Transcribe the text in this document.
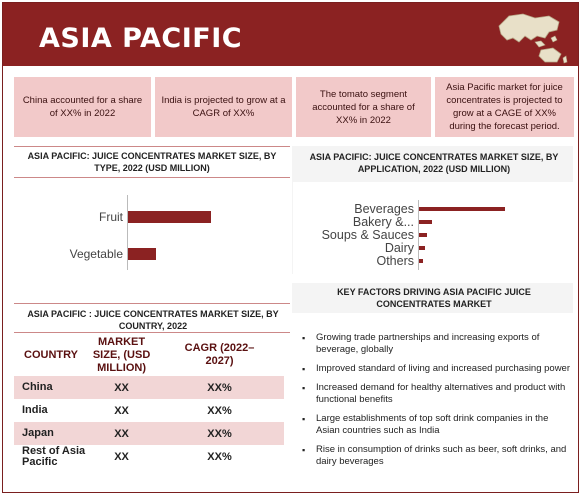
ASIA PACIFIC
China accounted for a share of XX% in 2022
India is projected to grow at a CAGR of XX%
The tomato segment accounted for a share of XX% in 2022
Asia Pacific market for juice concentrates is projected to grow at a CAGE of XX% during the forecast period.
ASIA PACIFIC: JUICE CONCENTRATES MARKET SIZE, BY TYPE, 2022 (USD MILLION)
Fruit
Vegetable
ASIA PACIFIC: JUICE CONCENTRATES MARKET SIZE, BY APPLICATION, 2022 (USD MILLION)
Beverages
Bakery &...
Soups & Sauces
Dairy
Others
ASIA PACIFIC : JUICE CONCENTRATES MARKET SIZE, BY COUNTRY, 2022
COUNTRY	MARKET SIZE, (USD MILLION)	CAGR (2022–2027)
China	XX	XX%
India	XX	XX%
Japan	XX	XX%
Rest of Asia Pacific	XX	XX%
KEY FACTORS DRIVING ASIA PACIFIC JUICE CONCENTRATES MARKET
▪ Growing trade partnerships and increasing exports of beverage, globally
▪ Improved standard of living and increased purchasing power
▪ Increased demand for healthy alternatives and product with functional benefits
▪ Large establishments of top soft drink companies in the Asian countries such as India
▪ Rise in consumption of drinks such as beer, soft drinks, and dairy beverages
